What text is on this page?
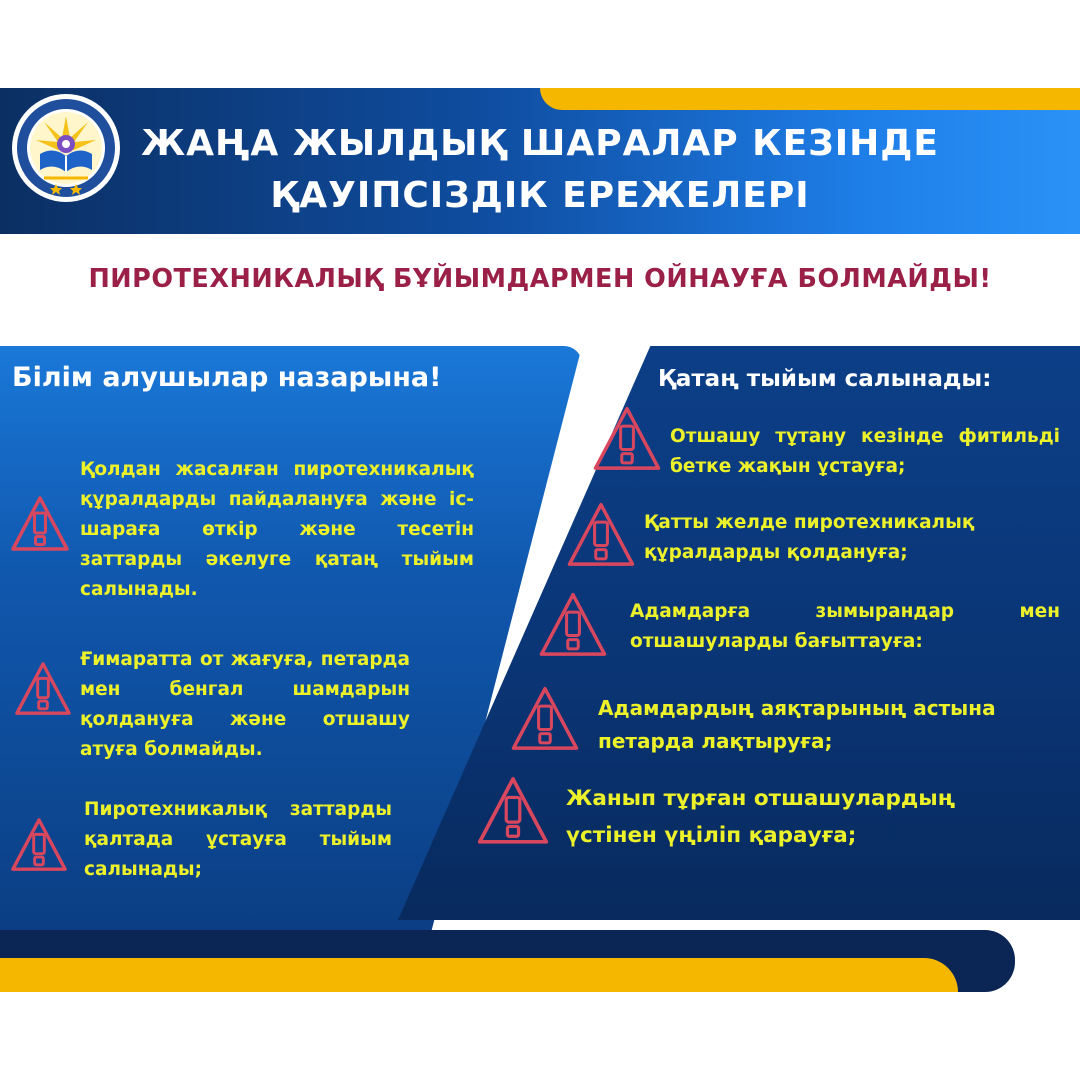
ЖАҢА ЖЫЛДЫҚ ШАРАЛАР КЕЗІНДЕ
ҚАУІПСІЗДІК ЕРЕЖЕЛЕРІ
ПИРОТЕХНИКАЛЫҚ БҰЙЫМДАРМЕН ОЙНАУҒА БОЛМАЙДЫ!
Білім алушылар назарына!

Қолдан жасалған пиротехникалық құралдарды пайдалануға және іс-шараға өткір және тесетін заттарды әкелуге қатаң тыйым салынады.

Ғимаратта от жағуға, петарда мен бенгал шамдарын қолдануға және отшашу атуға болмайды.

Пиротехникалық заттарды қалтада ұстауға тыйым салынады;

Қатаң тыйым салынады:

Отшашу тұтану кезінде фитильді бетке жақын ұстауға;

Қатты желде пиротехникалық құралдарды қолдануға;

Адамдарға зымырандар мен отшашуларды бағыттауға:

Адамдардың аяқтарының астына петарда лақтыруға;

Жанып тұрған отшашулардың үстінен үңіліп қарауға;
